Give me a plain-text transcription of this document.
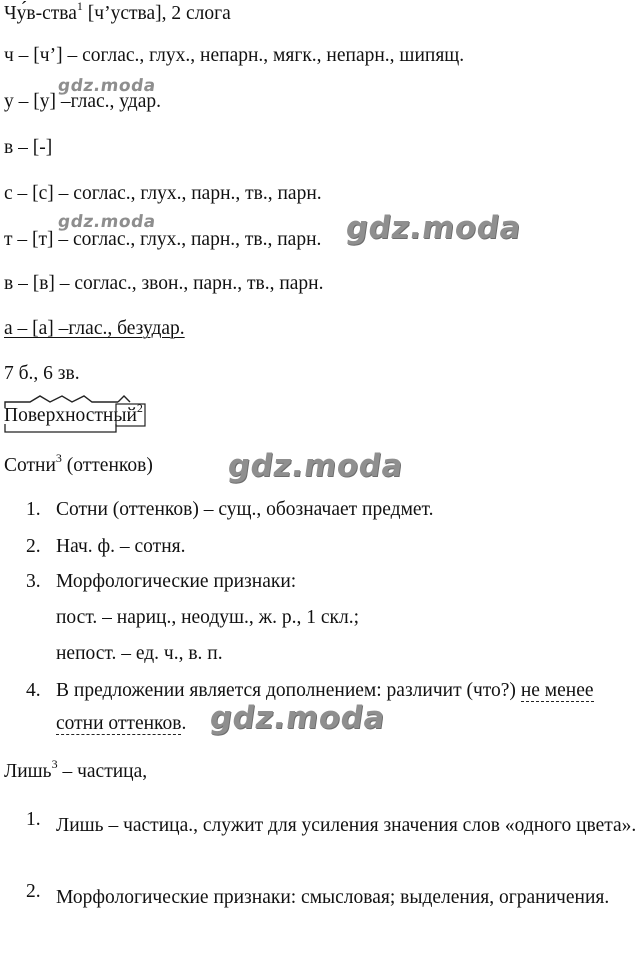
Чу́в-ства$^1$ [ч’уства], 2 слога
ч – [ч’] – соглас., глух., непарн., мягк., непарн., шипящ.
у – [у] –глас., удар.
в – [-]
с – [с] – соглас., глух., парн., тв., парн.
т – [т] – соглас., глух., парн., тв., парн.
в – [в] – соглас., звон., парн., тв., парн.
а – [а] –глас., безудар.
7 б., 6 зв.
Поверхностный$^2$
Сотни$^3$ (оттенков)
1. Сотни (оттенков) – сущ., обозначает предмет.
2. Нач. ф. – сотня.
3. Морфологические признаки:
пост. – нариц., неодуш., ж. р., 1 скл.;
непост. – ед. ч., в. п.
4. В предложении является дополнением: различит (что?) не менее
сотни оттенков.
Лишь$^3$ – частица,
1. Лишь – частица., служит для усиления значения слов «одного цвета».
2. Морфологические признаки: смысловая; выделения, ограничения.
gdz.moda
gdz.moda	gdz.moda
gdz.moda
gdz.moda
